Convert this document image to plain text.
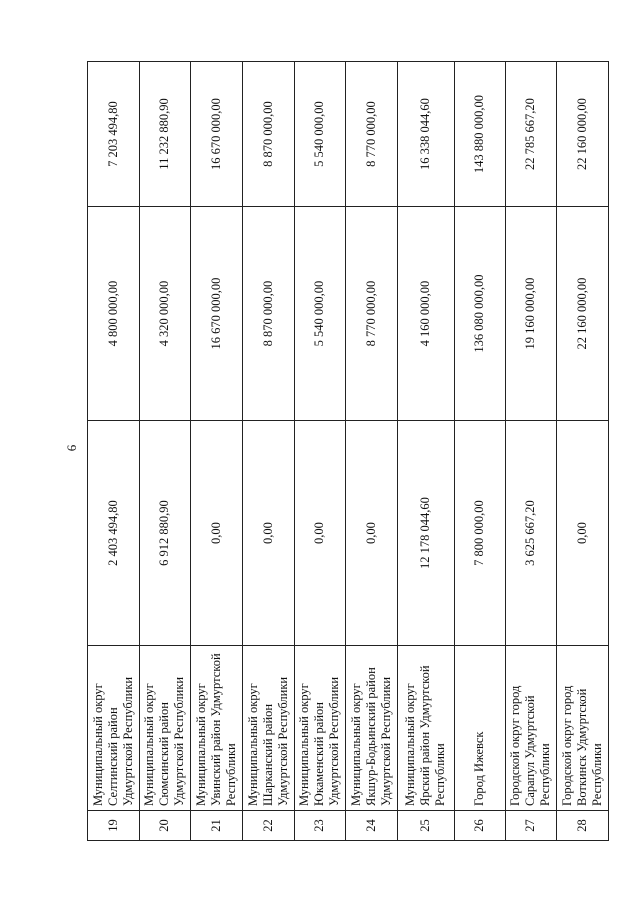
6
19	Муниципальный округ Селтинский район Удмуртской Республики	2 403 494,80	4 800 000,00	7 203 494,80
20	Муниципальный округ Сюмсинский район Удмуртской Республики	6 912 880,90	4 320 000,00	11 232 880,90
21	Муниципальный округ Увинский район Удмуртской Республики	0,00	16 670 000,00	16 670 000,00
22	Муниципальный округ Шарканский район Удмуртской Республики	0,00	8 870 000,00	8 870 000,00
23	Муниципальный округ Юкаменский район Удмуртской Республики	0,00	5 540 000,00	5 540 000,00
24	Муниципальный округ Якшур-Бодьинский район Удмуртской Республики	0,00	8 770 000,00	8 770 000,00
25	Муниципальный округ Ярский район Удмуртской Республики	12 178 044,60	4 160 000,00	16 338 044,60
26	Город Ижевск	7 800 000,00	136 080 000,00	143 880 000,00
27	Городской округ город Сарапул Удмуртской Республики	3 625 667,20	19 160 000,00	22 785 667,20
28	Городской округ город Воткинск Удмуртской Республики	0,00	22 160 000,00	22 160 000,00
